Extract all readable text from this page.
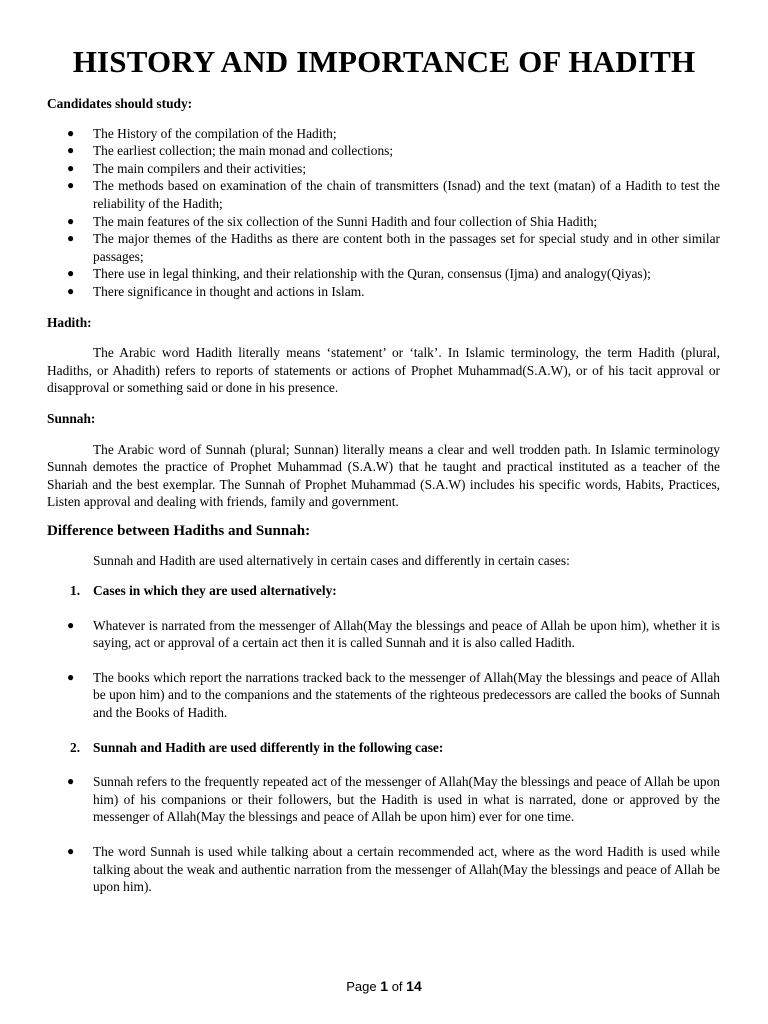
HISTORY AND IMPORTANCE OF HADITH

Candidates should study:

● The History of the compilation of the Hadith;
● The earliest collection; the main monad and collections;
● The main compilers and their activities;
● The methods based on examination of the chain of transmitters (Isnad) and the text (matan) of a Hadith to test the reliability of the Hadith;
● The main features of the six collection of the Sunni Hadith and four collection of Shia Hadith;
● The major themes of the Hadiths as there are content both in the passages set for special study and in other similar passages;
● There use in legal thinking, and their relationship with the Quran, consensus (Ijma) and analogy(Qiyas);
● There significance in thought and actions in Islam.

Hadith:

The Arabic word Hadith literally means ‘statement’ or ‘talk’. In Islamic terminology, the term Hadith (plural, Hadiths, or Ahadith) refers to reports of statements or actions of Prophet Muhammad(S.A.W), or of his tacit approval or disapproval or something said or done in his presence.

Sunnah:

The Arabic word of Sunnah (plural; Sunnan) literally means a clear and well trodden path. In Islamic terminology Sunnah demotes the practice of Prophet Muhammad (S.A.W) that he taught and practical instituted as a teacher of the Shariah and the best exemplar. The Sunnah of Prophet Muhammad (S.A.W) includes his specific words, Habits, Practices, Listen approval and dealing with friends, family and government.

Difference between Hadiths and Sunnah:

Sunnah and Hadith are used alternatively in certain cases and differently in certain cases:

1. Cases in which they are used alternatively:

● Whatever is narrated from the messenger of Allah(May the blessings and peace of Allah be upon him), whether it is saying, act or approval of a certain act then it is called Sunnah and it is also called Hadith.

● The books which report the narrations tracked back to the messenger of Allah(May the blessings and peace of Allah be upon him) and to the companions and the statements of the righteous predecessors are called the books of Sunnah and the Books of Hadith.

2. Sunnah and Hadith are used differently in the following case:

● Sunnah refers to the frequently repeated act of the messenger of Allah(May the blessings and peace of Allah be upon him) of his companions or their followers, but the Hadith is used in what is narrated, done or approved by the messenger of Allah(May the blessings and peace of Allah be upon him) ever for one time.

● The word Sunnah is used while talking about a certain recommended act, where as the word Hadith is used while talking about the weak and authentic narration from the messenger of Allah(May the blessings and peace of Allah be upon him).

Page 1 of 14
